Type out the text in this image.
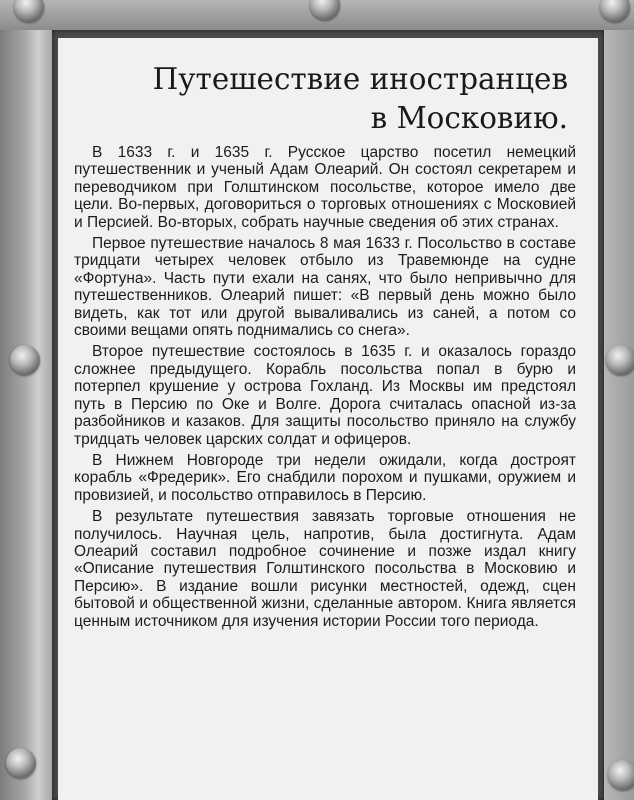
Путешествие иностранцев
в Московию.

В 1633 г. и 1635 г. Русское царство посетил немецкий путешественник и ученый Адам Олеарий. Он состоял секретарем и переводчиком при Голштинском посольстве, которое имело две цели. Во-первых, договориться о торговых отношениях с Московией и Персией. Во-вторых, собрать научные сведения об этих странах.

Первое путешествие началось 8 мая 1633 г. Посольство в составе тридцати четырех человек отбыло из Травемюнде на судне «Фортуна». Часть пути ехали на санях, что было непривычно для путешественников. Олеарий пишет: «В первый день можно было видеть, как тот или другой вываливались из саней, а потом со своими вещами опять поднимались со снега».

Второе путешествие состоялось в 1635 г. и оказалось гораздо сложнее предыдущего. Корабль посольства попал в бурю и потерпел крушение у острова Гохланд. Из Москвы им предстоял путь в Персию по Оке и Волге. Дорога считалась опасной из-за разбойников и казаков. Для защиты посольство приняло на службу тридцать человек царских солдат и офицеров.

В Нижнем Новгороде три недели ожидали, когда достроят корабль «Фредерик». Его снабдили порохом и пушками, оружием и провизией, и посольство отправилось в Персию.

В результате путешествия завязать торговые отношения не получилось. Научная цель, напротив, была достигнута. Адам Олеарий составил подробное сочинение и позже издал книгу «Описание путешествия Голштинского посольства в Московию и Персию». В издание вошли рисунки местностей, одежд, сцен бытовой и общественной жизни, сделанные автором. Книга является ценным источником для изучения истории России того периода.
